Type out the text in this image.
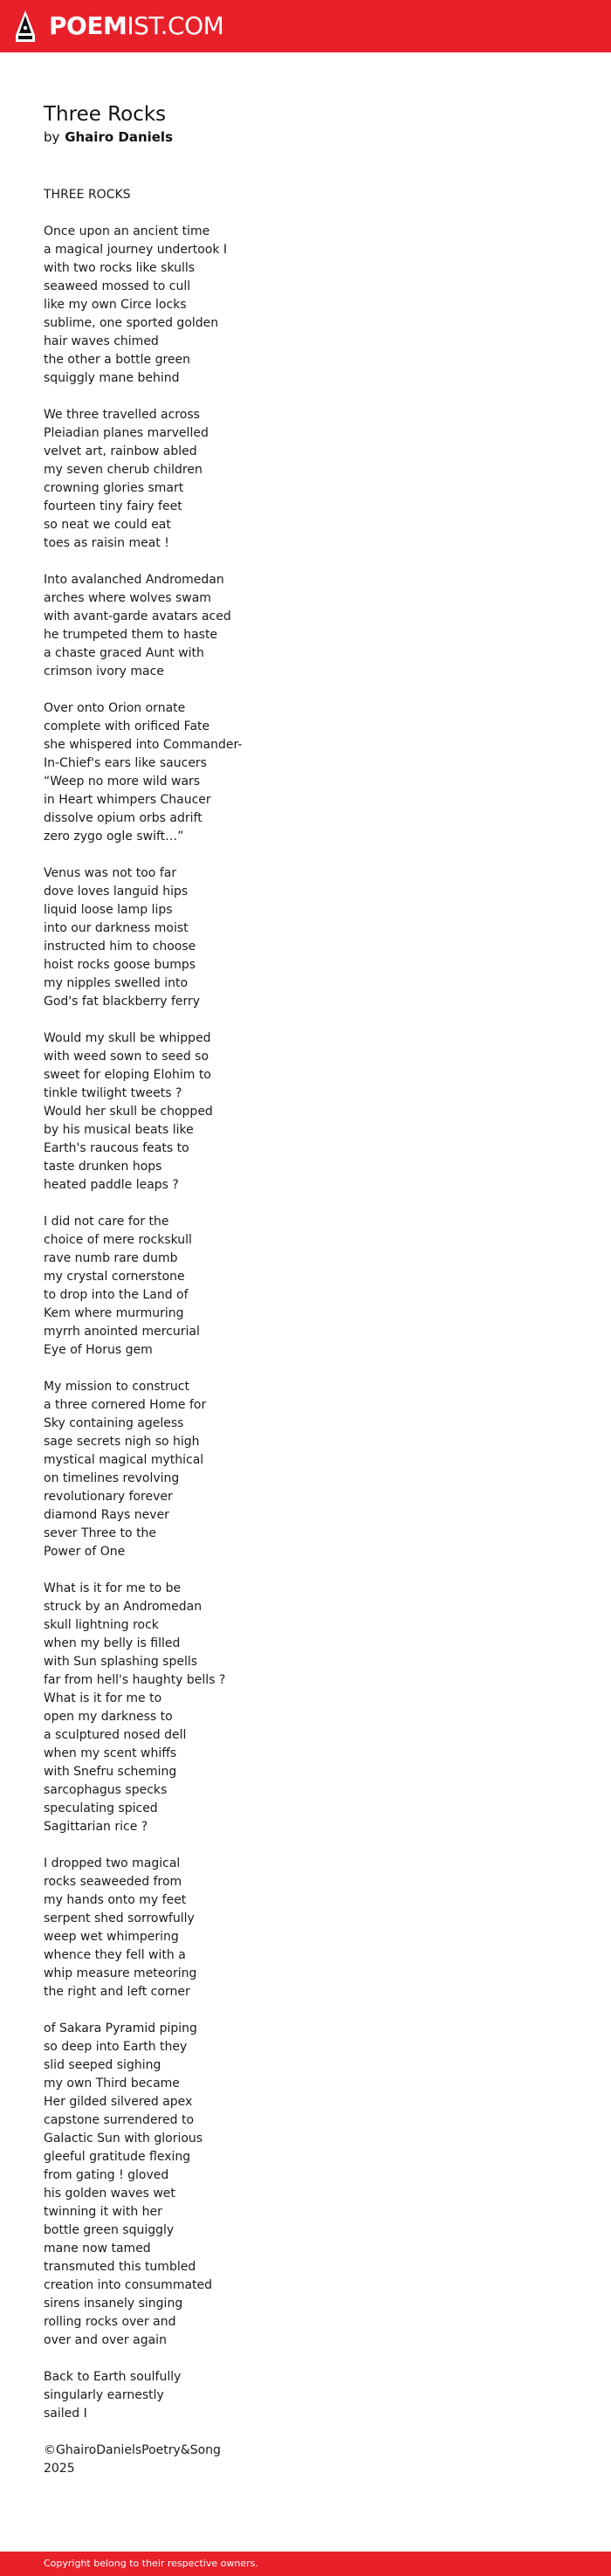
POEMIST.COM
Three Rocks
by Ghairo Daniels
THREE ROCKS
Once upon an ancient time
a magical journey undertook I
with two rocks like skulls
seaweed mossed to cull
like my own Circe locks
sublime, one sported golden
hair waves chimed
the other a bottle green
squiggly mane behind
We three travelled across
Pleiadian planes marvelled
velvet art, rainbow abled
my seven cherub children
crowning glories smart
fourteen tiny fairy feet
so neat we could eat
toes as raisin meat !
Into avalanched Andromedan
arches where wolves swam
with avant-garde avatars aced
he trumpeted them to haste
a chaste graced Aunt with
crimson ivory mace
Over onto Orion ornate
complete with orificed Fate
she whispered into Commander-
In-Chief's ears like saucers
“Weep no more wild wars
in Heart whimpers Chaucer
dissolve opium orbs adrift
zero zygo ogle swift…”
Venus was not too far
dove loves languid hips
liquid loose lamp lips
into our darkness moist
instructed him to choose
hoist rocks goose bumps
my nipples swelled into
God's fat blackberry ferry
Would my skull be whipped
with weed sown to seed so
sweet for eloping Elohim to
tinkle twilight tweets ?
Would her skull be chopped
by his musical beats like
Earth's raucous feats to
taste drunken hops
heated paddle leaps ?
I did not care for the
choice of mere rockskull
rave numb rare dumb
my crystal cornerstone
to drop into the Land of
Kem where murmuring
myrrh anointed mercurial
Eye of Horus gem
My mission to construct
a three cornered Home for
Sky containing ageless
sage secrets nigh so high
mystical magical mythical
on timelines revolving
revolutionary forever
diamond Rays never
sever Three to the
Power of One
What is it for me to be
struck by an Andromedan
skull lightning rock
when my belly is filled
with Sun splashing spells
far from hell's haughty bells ?
What is it for me to
open my darkness to
a sculptured nosed dell
when my scent whiffs
with Snefru scheming
sarcophagus specks
speculating spiced
Sagittarian rice ?
I dropped two magical
rocks seaweeded from
my hands onto my feet
serpent shed sorrowfully
weep wet whimpering
whence they fell with a
whip measure meteoring
the right and left corner
of Sakara Pyramid piping
so deep into Earth they
slid seeped sighing
my own Third became
Her gilded silvered apex
capstone surrendered to
Galactic Sun with glorious
gleeful gratitude flexing
from gating ! gloved
his golden waves wet
twinning it with her
bottle green squiggly
mane now tamed
transmuted this tumbled
creation into consummated
sirens insanely singing
rolling rocks over and
over and over again
Back to Earth soulfully
singularly earnestly
sailed I
©GhairoDanielsPoetry&Song
2025
Copyright belong to their respective owners.
